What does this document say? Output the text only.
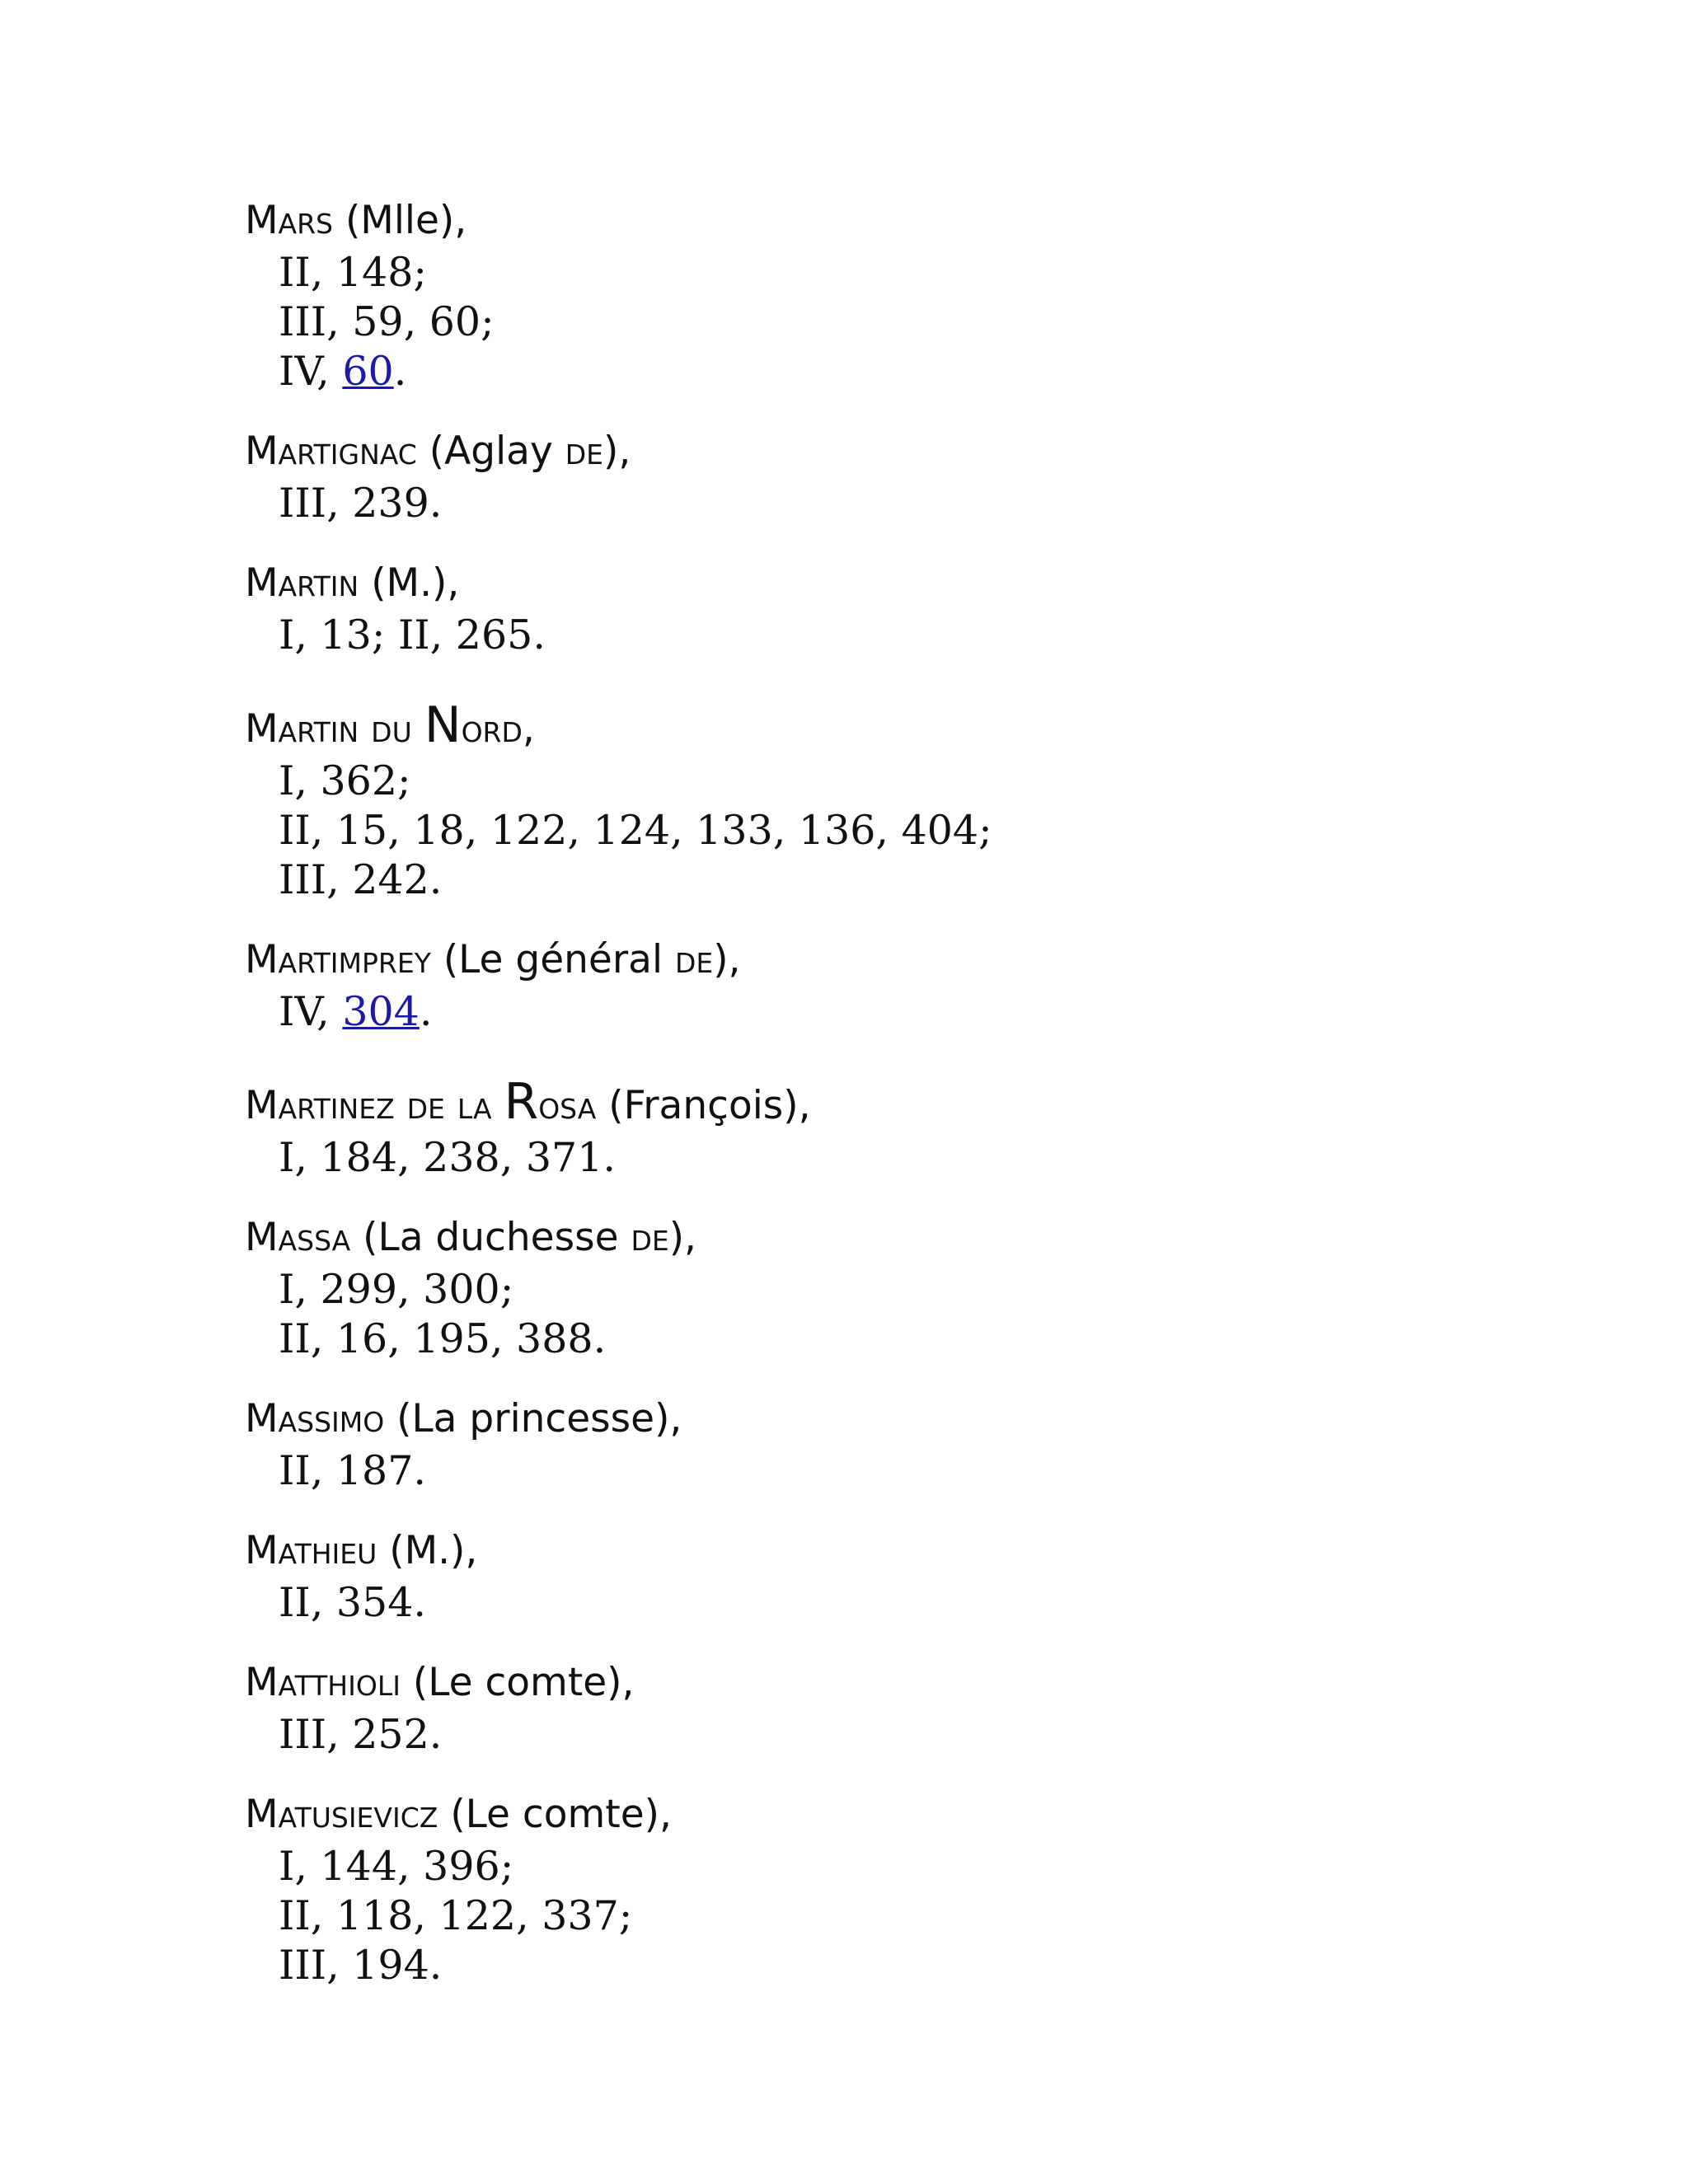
Mars (Mlle),
II, 148;
III, 59, 60;
IV, 60.
Martignac (Aglay de),
III, 239.
Martin (M.),
I, 13; II, 265.
Martin du Nord,
I, 362;
II, 15, 18, 122, 124, 133, 136, 404;
III, 242.
Martimprey (Le général de),
IV, 304.
Martinez de la Rosa (François),
I, 184, 238, 371.
Massa (La duchesse de),
I, 299, 300;
II, 16, 195, 388.
Massimo (La princesse),
II, 187.
Mathieu (M.),
II, 354.
Matthioli (Le comte),
III, 252.
Matusievicz (Le comte),
I, 144, 396;
II, 118, 122, 337;
III, 194.
